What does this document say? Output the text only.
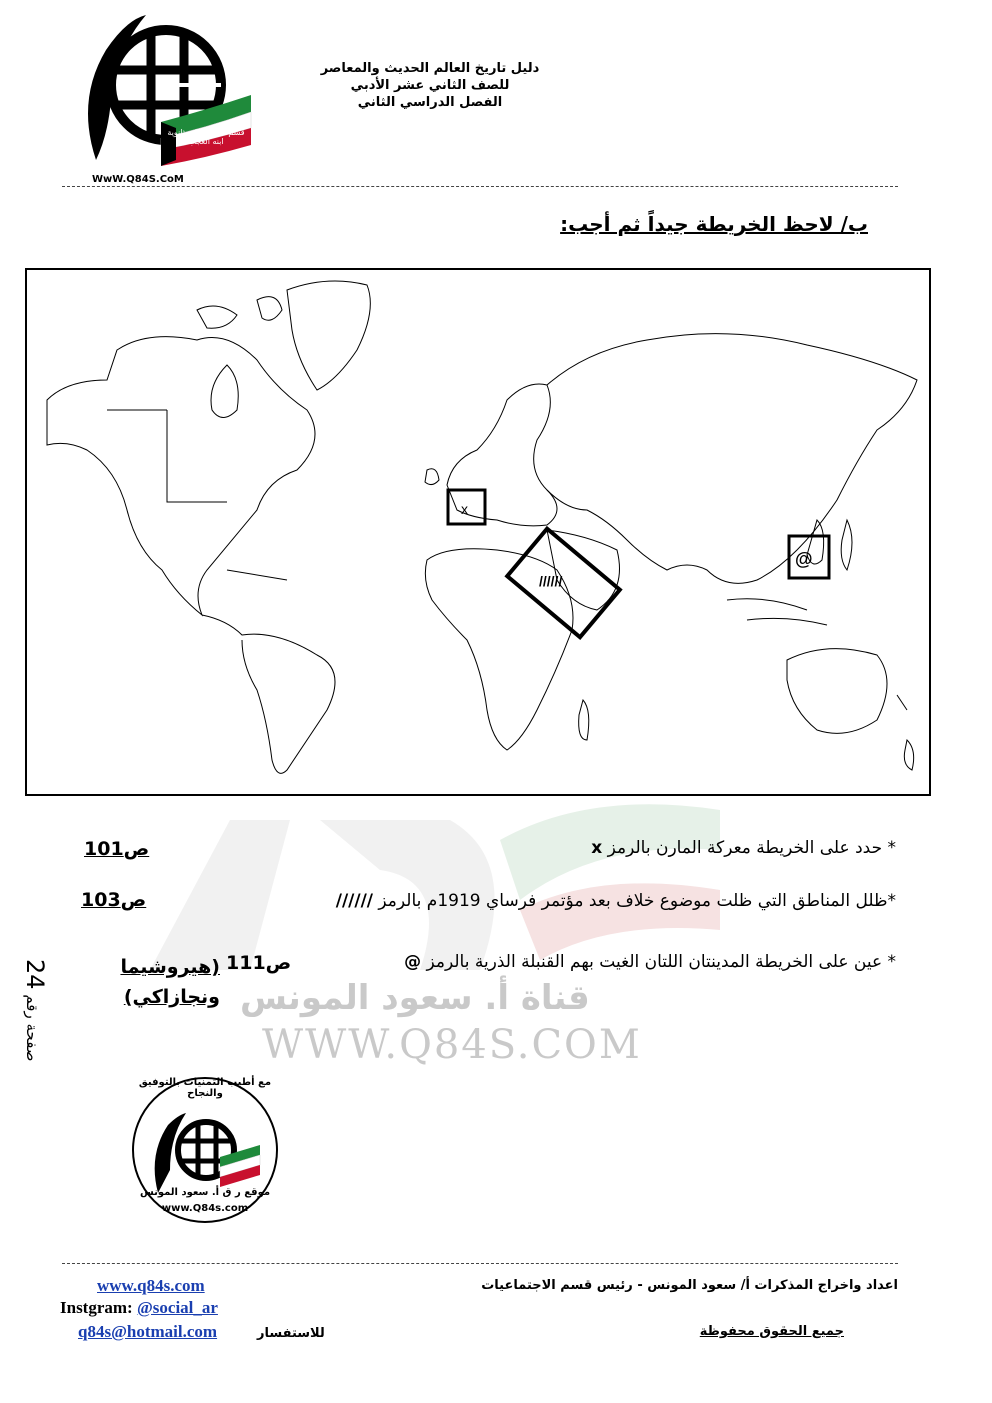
قسم الاجتماعيات ثانوية ابنه العجب
WwW.Q84S.CoM
دليل تاريخ العالم الحديث والمعاصر
للصف الثاني عشر الأدبي
الفصل الدراسي الثاني
ب/ لاحظ الخريطة جيداً ثم أجب:
x
//////
@
* حدد على الخريطة معركة المارن بالرمز x
ص101
*ظلل المناطق التي ظلت موضوع خلاف بعد مؤتمر فرساي 1919م بالرمز //////
ص103
* عين على الخريطة المدينتان اللتان الغيت بهم القنبلة الذرية بالرمز @
ص111
(هيروشيما ونجازاكي) قناة أ. سعود المونس
WWW.Q84S.COM
صفحة رقم 24
مع أطيب التمنيات بالتوفيق والنجاح
موقع ر ق أ. سعود المونس
www.Q84s.com
اعداد واخراج المذكرات أ/ سعود المونس - رئيس قسم الاجتماعيات
جميع الحقوق محفوظة
للاستفسار
www.q84s.com
Instgram: @social_ar
q84s@hotmail.com
